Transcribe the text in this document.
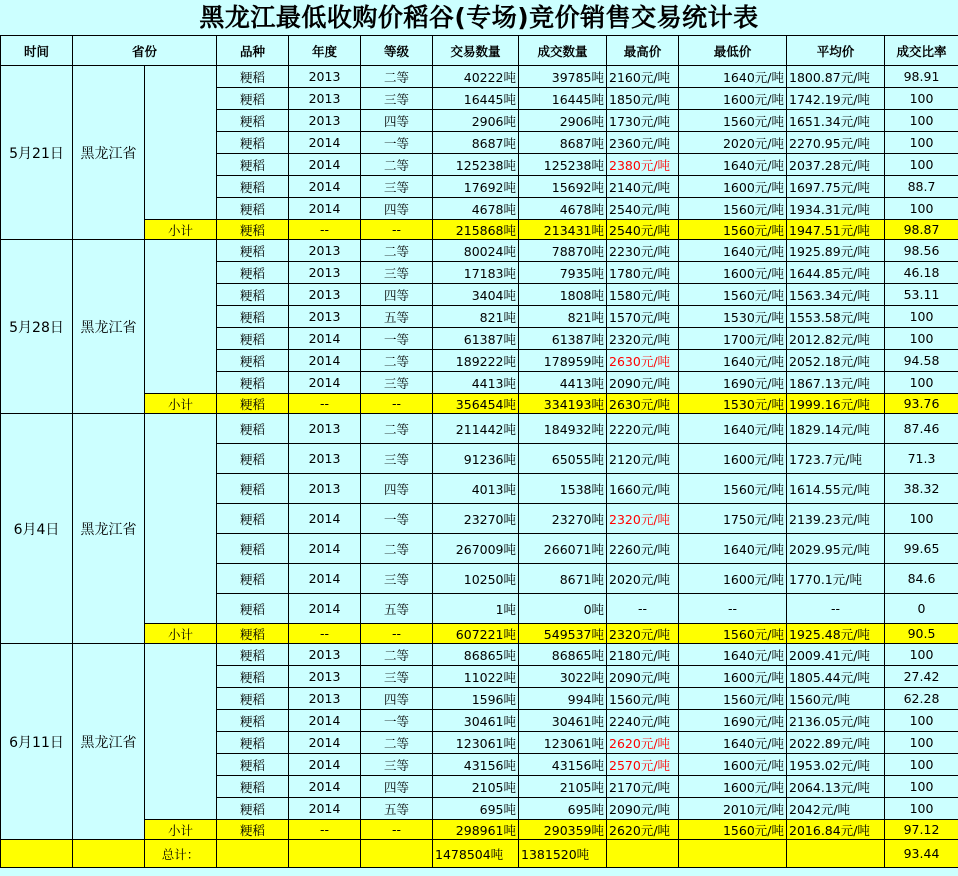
黑龙江最低收购价稻谷(专场)竞价销售交易统计表
时间	省份		品种	年度	等级	交易数量	成交数量	最高价	最低价	平均价	成交比率
5月21日	黑龙江省		粳稻	2013	二等	40222吨	39785吨	2160元/吨	1640元/吨	1800.87元/吨	98.91
			粳稻	2013	三等	16445吨	16445吨	1850元/吨	1600元/吨	1742.19元/吨	100
			粳稻	2013	四等	2906吨	2906吨	1730元/吨	1560元/吨	1651.34元/吨	100
			粳稻	2014	一等	8687吨	8687吨	2360元/吨	2020元/吨	2270.95元/吨	100
			粳稻	2014	二等	125238吨	125238吨	2380元/吨	1640元/吨	2037.28元/吨	100
			粳稻	2014	三等	17692吨	15692吨	2140元/吨	1600元/吨	1697.75元/吨	88.7
			粳稻	2014	四等	4678吨	4678吨	2540元/吨	1560元/吨	1934.31元/吨	100
		小计	粳稻	--	--	215868吨	213431吨	2540元/吨	1560元/吨	1947.51元/吨	98.87
5月28日	黑龙江省		粳稻	2013	二等	80024吨	78870吨	2230元/吨	1640元/吨	1925.89元/吨	98.56
			粳稻	2013	三等	17183吨	7935吨	1780元/吨	1600元/吨	1644.85元/吨	46.18
			粳稻	2013	四等	3404吨	1808吨	1580元/吨	1560元/吨	1563.34元/吨	53.11
			粳稻	2013	五等	821吨	821吨	1570元/吨	1530元/吨	1553.58元/吨	100
			粳稻	2014	一等	61387吨	61387吨	2320元/吨	1700元/吨	2012.82元/吨	100
			粳稻	2014	二等	189222吨	178959吨	2630元/吨	1640元/吨	2052.18元/吨	94.58
			粳稻	2014	三等	4413吨	4413吨	2090元/吨	1690元/吨	1867.13元/吨	100
		小计	粳稻	--	--	356454吨	334193吨	2630元/吨	1530元/吨	1999.16元/吨	93.76
6月4日	黑龙江省		粳稻	2013	二等	211442吨	184932吨	2220元/吨	1640元/吨	1829.14元/吨	87.46
			粳稻	2013	三等	91236吨	65055吨	2120元/吨	1600元/吨	1723.7元/吨	71.3
			粳稻	2013	四等	4013吨	1538吨	1660元/吨	1560元/吨	1614.55元/吨	38.32
			粳稻	2014	一等	23270吨	23270吨	2320元/吨	1750元/吨	2139.23元/吨	100
			粳稻	2014	二等	267009吨	266071吨	2260元/吨	1640元/吨	2029.95元/吨	99.65
			粳稻	2014	三等	10250吨	8671吨	2020元/吨	1600元/吨	1770.1元/吨	84.6
			粳稻	2014	五等	1吨	0吨	--	--	--	0
		小计	粳稻	--	--	607221吨	549537吨	2320元/吨	1560元/吨	1925.48元/吨	90.5
6月11日	黑龙江省		粳稻	2013	二等	86865吨	86865吨	2180元/吨	1640元/吨	2009.41元/吨	100
			粳稻	2013	三等	11022吨	3022吨	2090元/吨	1600元/吨	1805.44元/吨	27.42
			粳稻	2013	四等	1596吨	994吨	1560元/吨	1560元/吨	1560元/吨	62.28
			粳稻	2014	一等	30461吨	30461吨	2240元/吨	1690元/吨	2136.05元/吨	100
			粳稻	2014	二等	123061吨	123061吨	2620元/吨	1640元/吨	2022.89元/吨	100
			粳稻	2014	三等	43156吨	43156吨	2570元/吨	1600元/吨	1953.02元/吨	100
			粳稻	2014	四等	2105吨	2105吨	2170元/吨	1600元/吨	2064.13元/吨	100
			粳稻	2014	五等	695吨	695吨	2090元/吨	2010元/吨	2042元/吨	100
		小计	粳稻	--	--	298961吨	290359吨	2620元/吨	1560元/吨	2016.84元/吨	97.12
		总计：				1478504吨	1381520吨				93.44
